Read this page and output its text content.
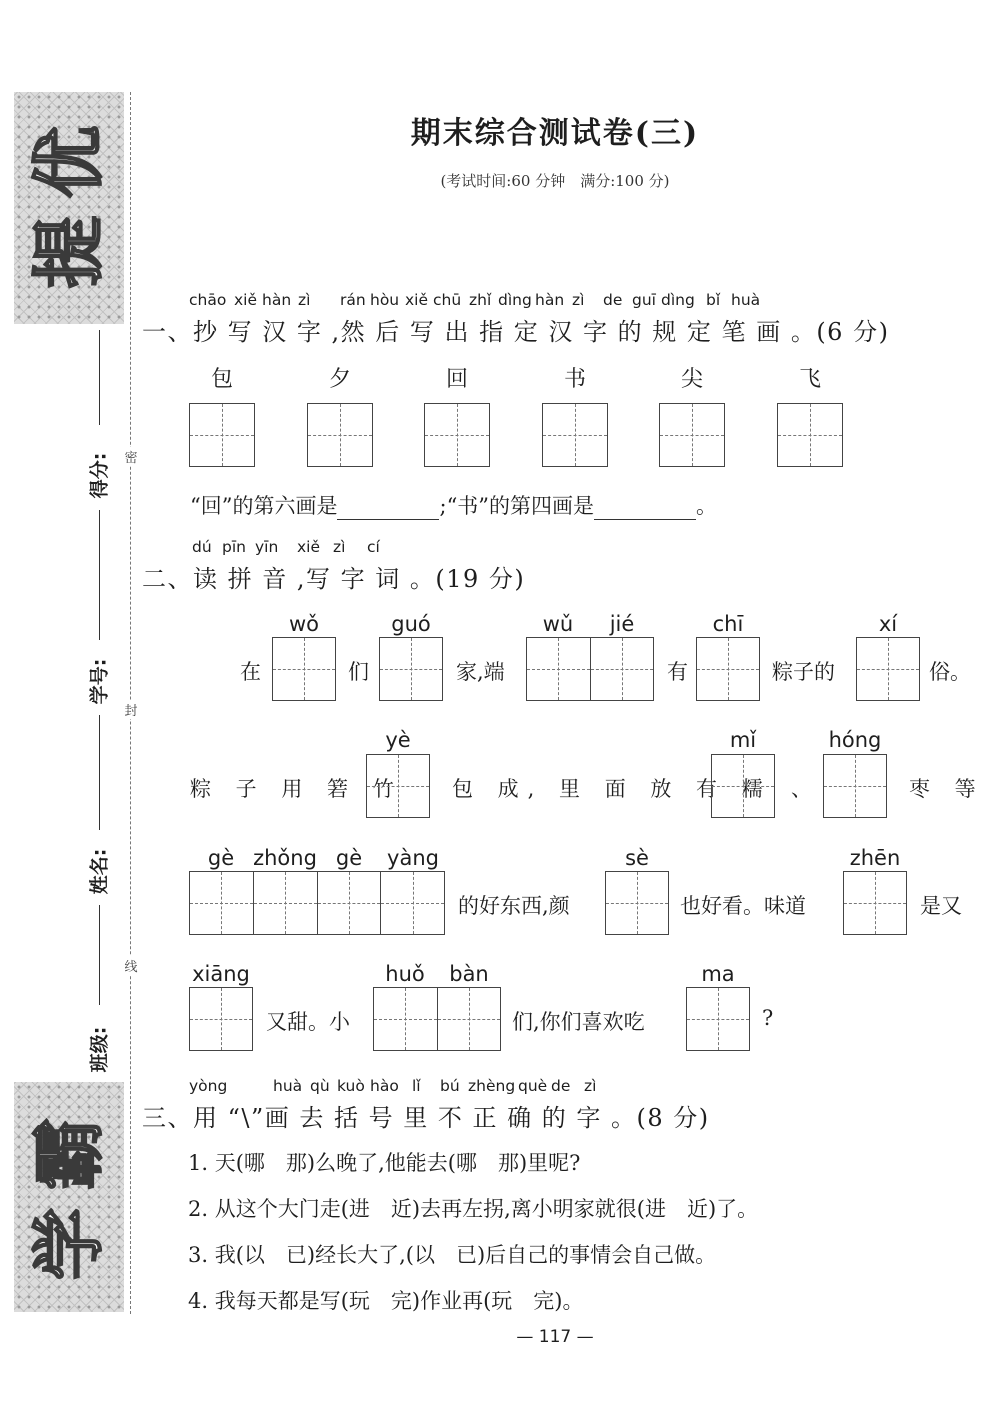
提
优
学
霸
得分:
学号:
姓名:
班级:
密
封
线
期末综合测试卷(三)
(考试时间:60 分钟　满分:100 分)
chāo xiě hàn zì rán hòu xiě chū zhǐ dìng hàn zì de guī dìng bǐ huà
一、抄 写 汉 字 ,然 后 写 出 指 定 汉 字 的 规 定 笔 画 。(6 分)
包	夕	回	书	尖	飞
“回”的第六画是	;“书”的第四画是	。
dú pīn yīn xiě zì cí
二、读 拼 音 ,写 字 词 。(19 分)
wǒ	guó	wǔ	jié	chī	xí
在	们	家,端	有	粽子的	俗。
yè	mǐ	hóng
粽 子 用 箬 竹 包 成, 里 面 放 有 糯 、	枣 等
gè zhǒng gè	yàng	sè	zhēn
的好东西,颜	也好看。味道	是又
xiāng	huǒ	bàn	ma
又甜。小	们,你们喜欢吃	?
yòng	huà qù kuò hào lǐ bú zhèng què de zì
三、用 “\”画 去 括 号 里 不 正 确 的 字 。(8 分)
1. 天(哪　那)么晚了,他能去(哪　那)里呢?
2. 从这个大门走(进　近)去再左拐,离小明家就很(进　近)了。
3. 我(以　已)经长大了,(以　已)后自己的事情会自己做。
4. 我每天都是写(玩　完)作业再(玩　完)。
— 117 —
